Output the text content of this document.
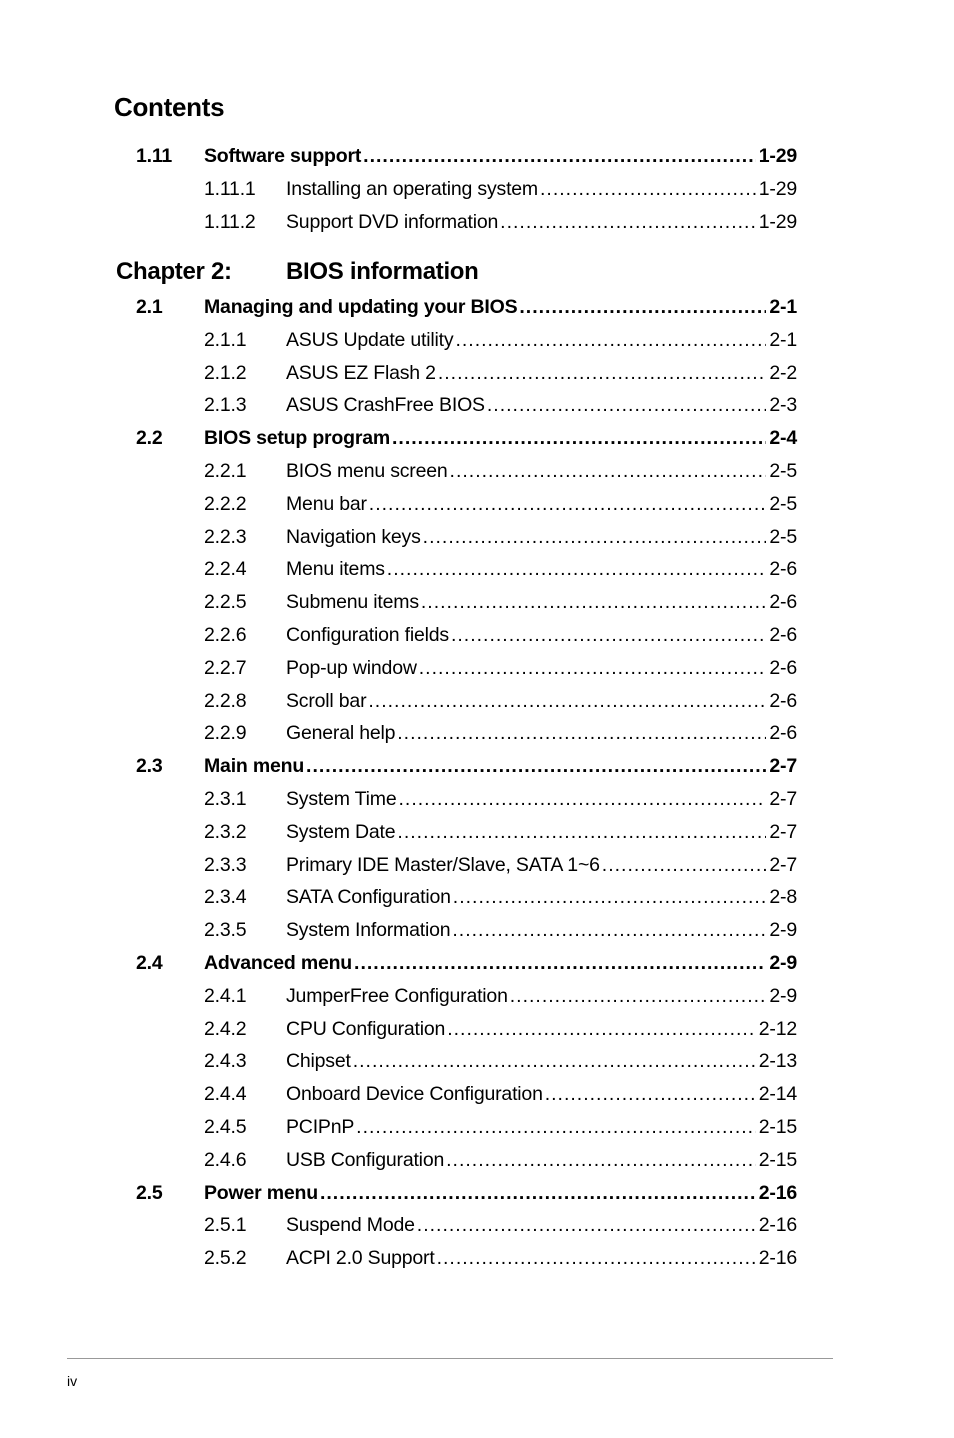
Contents
1.11	Software support .....	1-29
1.11.1	Installing an operating system .....	1-29
1.11.2	Support DVD information .....	1-29
Chapter 2: BIOS information
2.1	Managing and updating your BIOS .....	2-1
2.1.1	ASUS Update utility .....	2-1
2.1.2	ASUS EZ Flash 2 .....	2-2
2.1.3	ASUS CrashFree BIOS .....	2-3
2.2	BIOS setup program .....	2-4
2.2.1	BIOS menu screen .....	2-5
2.2.2	Menu bar .....	2-5
2.2.3	Navigation keys .....	2-5
2.2.4	Menu items .....	2-6
2.2.5	Submenu items .....	2-6
2.2.6	Configuration fields .....	2-6
2.2.7	Pop-up window .....	2-6
2.2.8	Scroll bar .....	2-6
2.2.9	General help .....	2-6
2.3	Main menu .....	2-7
2.3.1	System Time .....	2-7
2.3.2	System Date .....	2-7
2.3.3	Primary IDE Master/Slave, SATA 1~6 .....	2-7
2.3.4	SATA Configuration .....	2-8
2.3.5	System Information .....	2-9
2.4	Advanced menu .....	2-9
2.4.1	JumperFree Configuration .....	2-9
2.4.2	CPU Configuration .....	2-12
2.4.3	Chipset .....	2-13
2.4.4	Onboard Device Configuration .....	2-14
2.4.5	PCIPnP .....	2-15
2.4.6	USB Configuration .....	2-15
2.5	Power menu .....	2-16
2.5.1	Suspend Mode .....	2-16
2.5.2	ACPI 2.0 Support .....	2-16
iv
